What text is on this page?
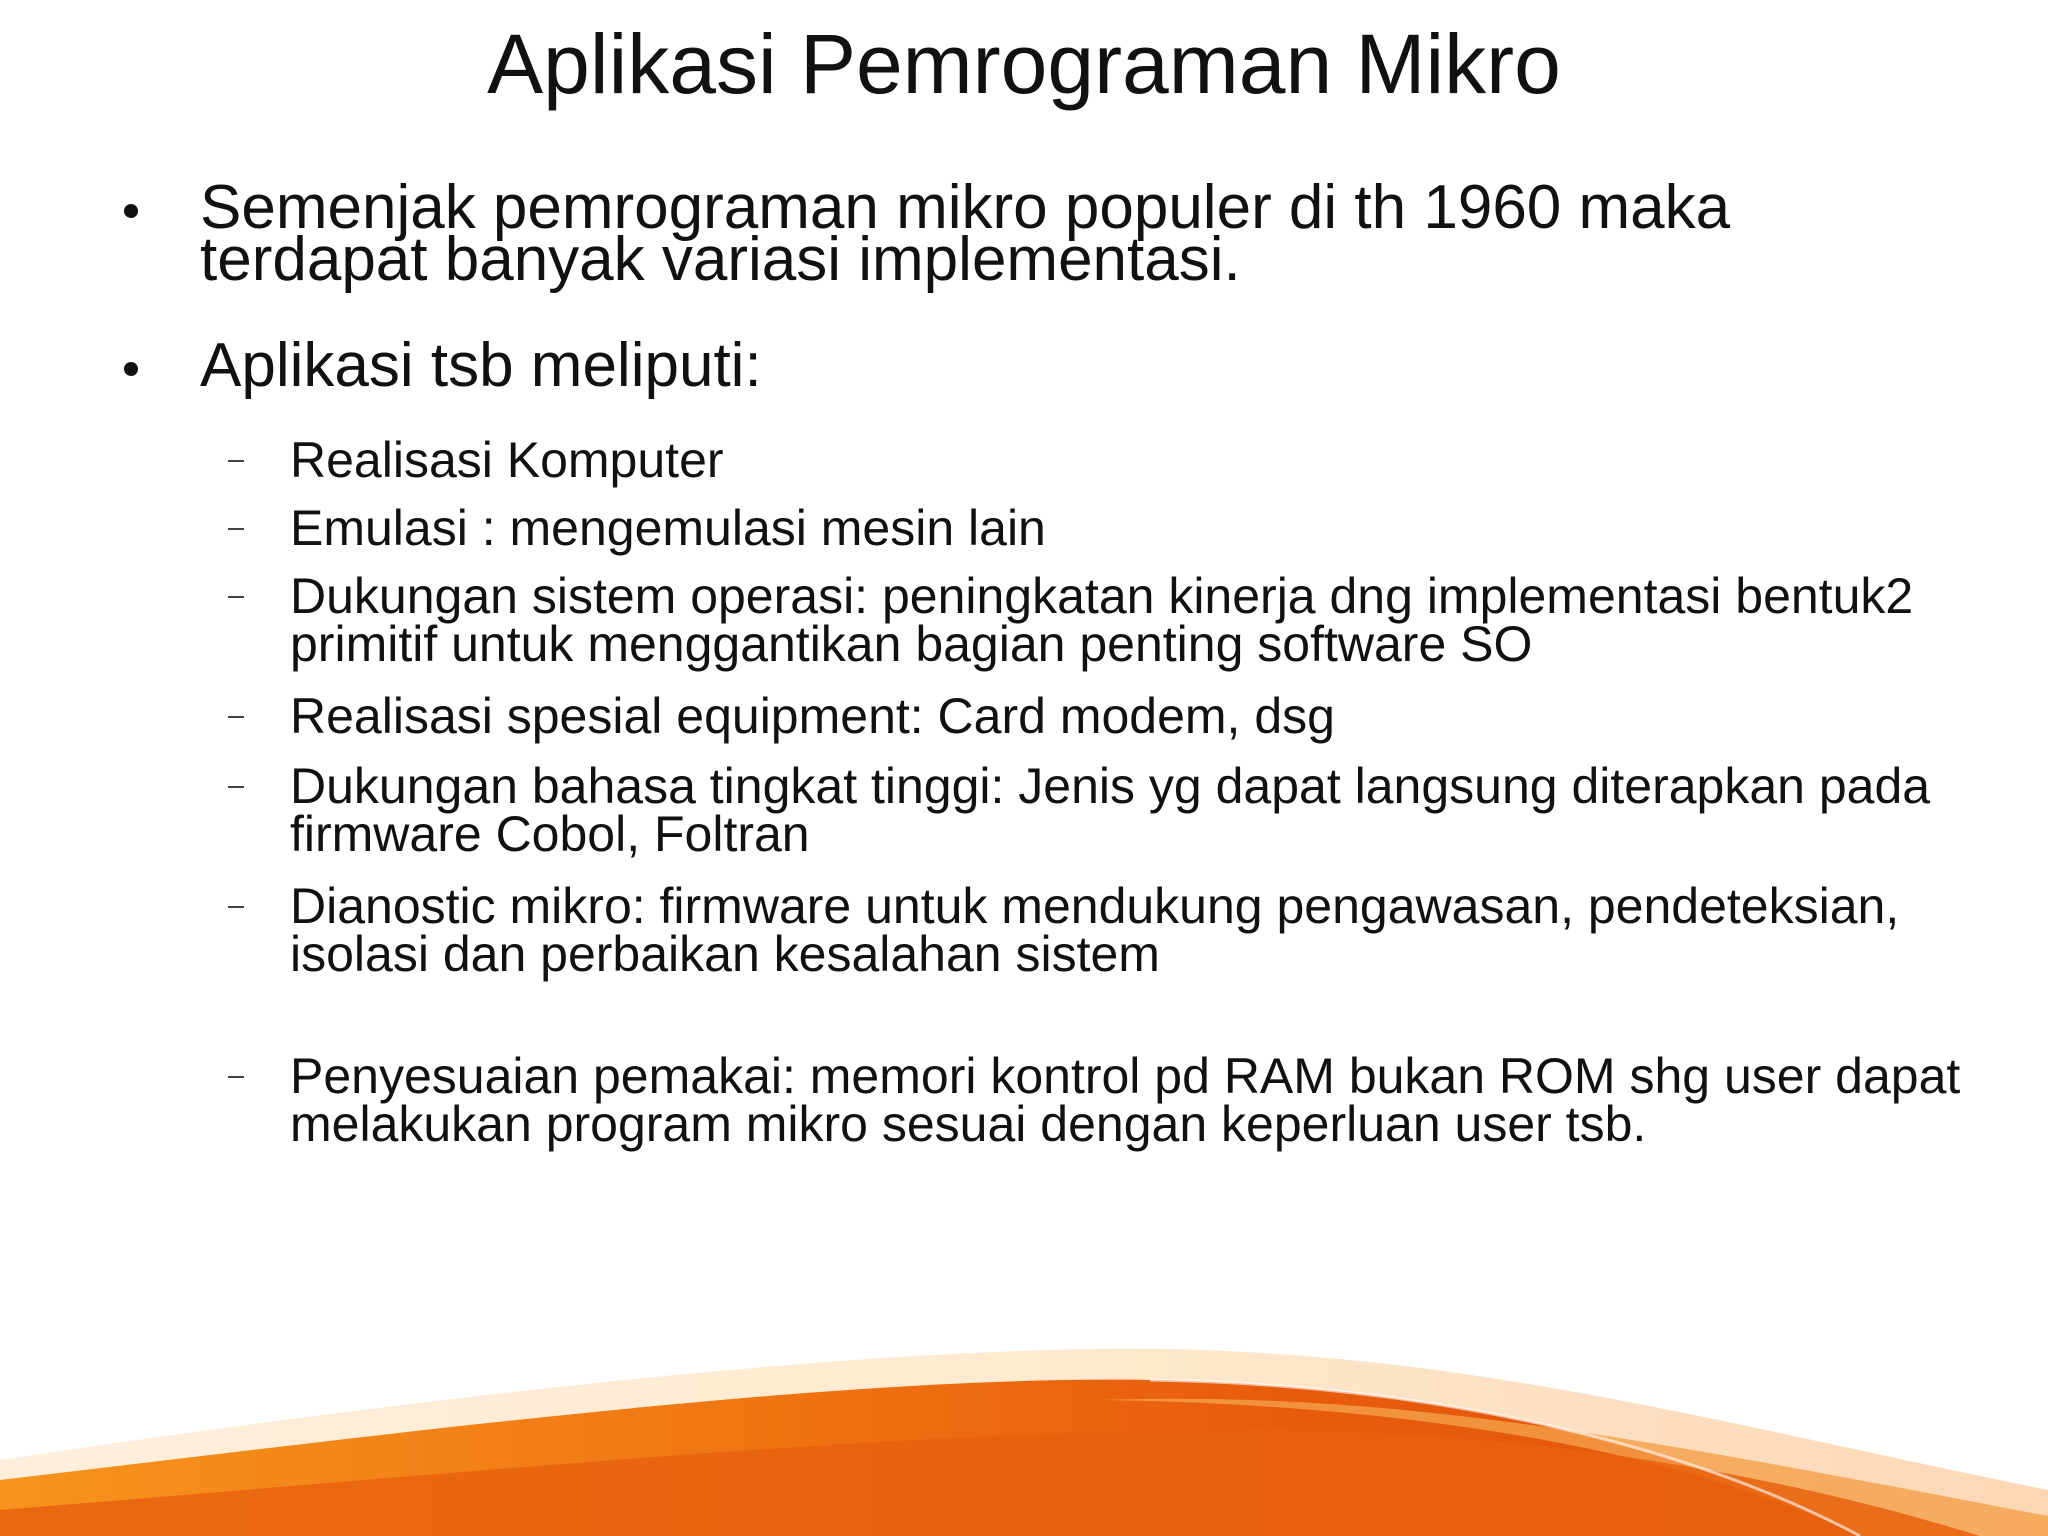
Aplikasi Pemrograman Mikro
Semenjak pemrograman mikro populer di th 1960 maka terdapat banyak variasi implementasi.
Aplikasi tsb meliputi:
Realisasi Komputer
Emulasi : mengemulasi mesin lain
Dukungan sistem operasi: peningkatan kinerja dng implementasi bentuk2 primitif untuk menggantikan bagian penting software SO
Realisasi spesial equipment: Card modem, dsg
Dukungan bahasa tingkat tinggi: Jenis yg dapat langsung diterapkan pada firmware Cobol, Foltran
Dianostic mikro: firmware untuk mendukung pengawasan, pendeteksian, isolasi dan perbaikan kesalahan sistem
Penyesuaian pemakai: memori kontrol pd RAM bukan ROM shg user dapat melakukan program mikro sesuai dengan keperluan user tsb.
